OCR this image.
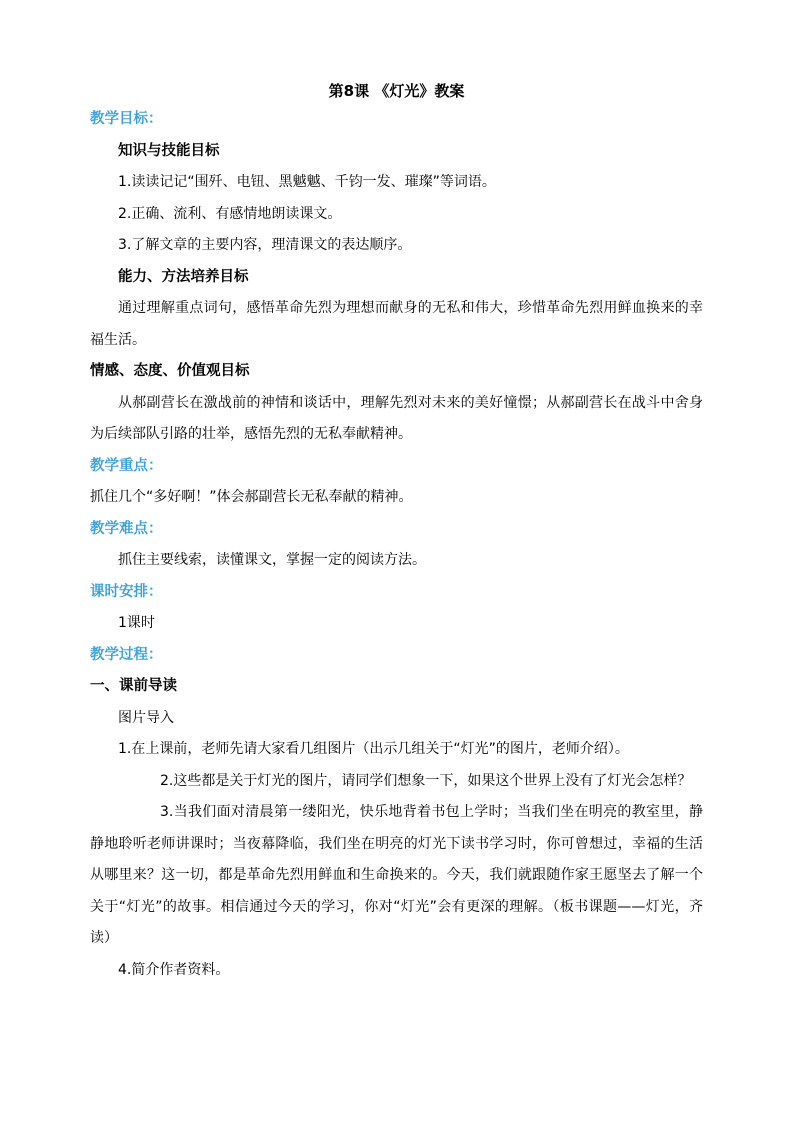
第8课 《灯光》教案
教学目标：
知识与技能目标
1.读读记记“围歼、电钮、黑魆魆、千钧一发、璀璨”等词语。
2.正确、流利、有感情地朗读课文。
3.了解文章的主要内容，理清课文的表达顺序。
能力、方法培养目标
通过理解重点词句，感悟革命先烈为理想而献身的无私和伟大，珍惜革命先烈用鲜血换来的幸福生活。
情感、态度、价值观目标
从郝副营长在激战前的神情和谈话中，理解先烈对未来的美好憧憬；从郝副营长在战斗中舍身为后续部队引路的壮举，感悟先烈的无私奉献精神。
教学重点：
抓住几个“多好啊！”体会郝副营长无私奉献的精神。
教学难点：
抓住主要线索，读懂课文，掌握一定的阅读方法。
课时安排：
1课时
教学过程：
一、课前导读
图片导入
1.在上课前，老师先请大家看几组图片（出示几组关于“灯光”的图片，老师介绍）。
2.这些都是关于灯光的图片，请同学们想象一下，如果这个世界上没有了灯光会怎样？
3.当我们面对清晨第一缕阳光，快乐地背着书包上学时；当我们坐在明亮的教室里，静静地聆听老师讲课时；当夜幕降临，我们坐在明亮的灯光下读书学习时，你可曾想过，幸福的生活从哪里来？这一切，都是革命先烈用鲜血和生命换来的。今天，我们就跟随作家王愿坚去了解一个关于“灯光”的故事。相信通过今天的学习，你对“灯光”会有更深的理解。（板书课题——灯光，齐读）
4.简介作者资料。
